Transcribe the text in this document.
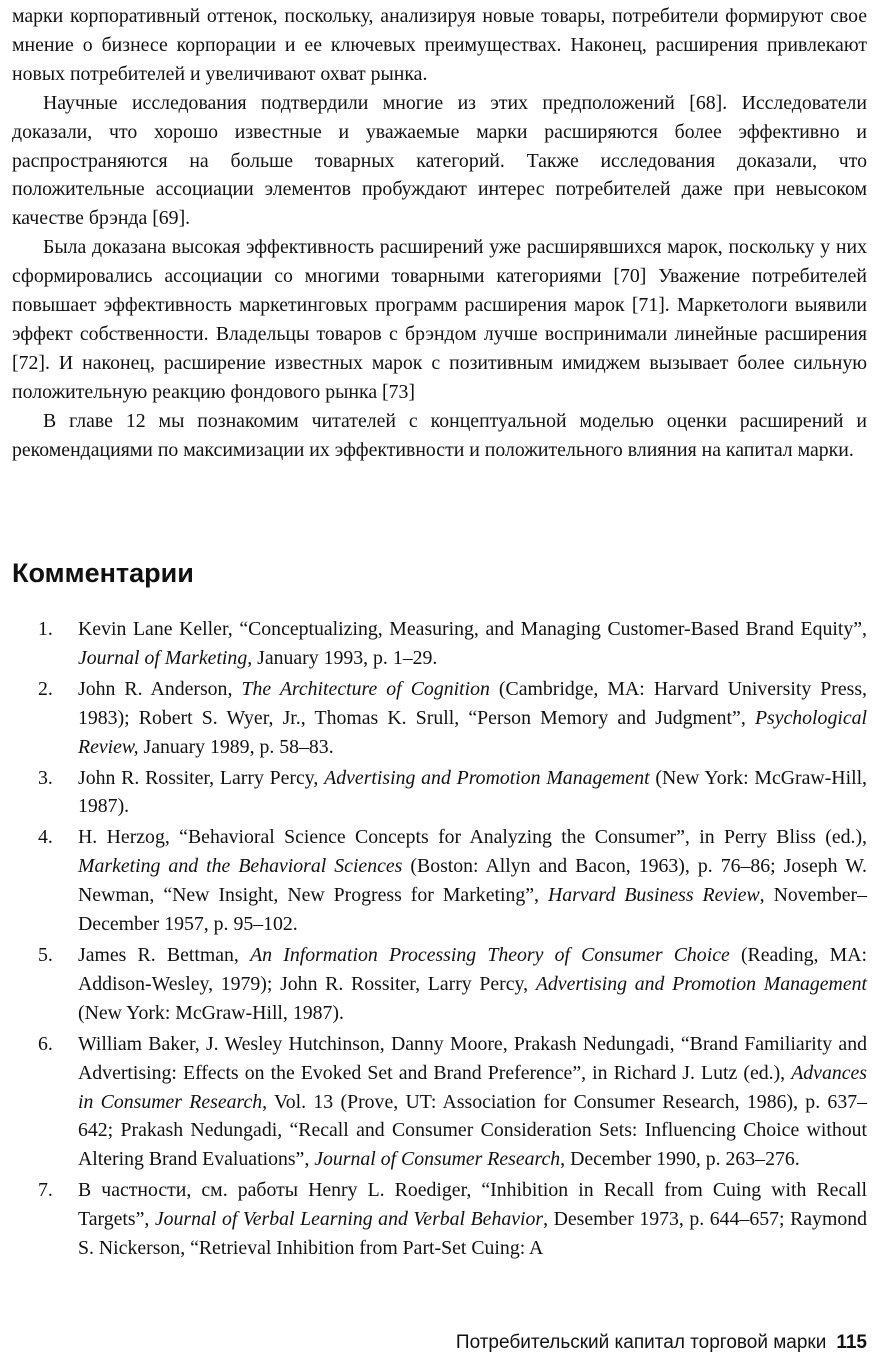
марки корпоративный оттенок, поскольку, анализируя новые товары, потребители формируют свое мнение о бизнесе корпорации и ее ключевых преимуществах. Наконец, расширения привлекают новых потребителей и увеличивают охват рынка.

Научные исследования подтвердили многие из этих предположений [68]. Исследователи доказали, что хорошо известные и уважаемые марки расширяются более эффективно и распространяются на больше товарных категорий. Также исследования доказали, что положительные ассоциации элементов пробуждают интерес потребителей даже при невысоком качестве брэнда [69].

Была доказана высокая эффективность расширений уже расширявшихся марок, поскольку у них сформировались ассоциации со многими товарными категориями [70] Уважение потребителей повышает эффективность маркетинговых программ расширения марок [71]. Маркетологи выявили эффект собственности. Владельцы товаров с брэндом лучше воспринимали линейные расширения [72]. И наконец, расширение известных марок с позитивным имиджем вызывает более сильную положительную реакцию фондового рынка [73]

В главе 12 мы познакомим читателей с концептуальной моделью оценки расширений и рекомендациями по максимизации их эффективности и положительного влияния на капитал марки.

Комментарии
1. Kevin Lane Keller, “Conceptualizing, Measuring, and Managing Customer-Based Brand Equity”, Journal of Marketing, January 1993, p. 1–29.
2. John R. Anderson, The Architecture of Cognition (Cambridge, MA: Harvard University Press, 1983); Robert S. Wyer, Jr., Thomas K. Srull, “Person Memory and Judgment”, Psychological Review, January 1989, p. 58–83.
3. John R. Rossiter, Larry Percy, Advertising and Promotion Management (New York: McGraw-Hill, 1987).
4. H. Herzog, “Behavioral Science Concepts for Analyzing the Consumer”, in Perry Bliss (ed.), Marketing and the Behavioral Sciences (Boston: Allyn and Bacon, 1963), p. 76–86; Joseph W. Newman, “New Insight, New Progress for Marketing”, Harvard Business Review, November–December 1957, p. 95–102.
5. James R. Bettman, An Information Processing Theory of Consumer Choice (Reading, MA: Addison-Wesley, 1979); John R. Rossiter, Larry Percy, Advertising and Promotion Management (New York: McGraw-Hill, 1987).
6. William Baker, J. Wesley Hutchinson, Danny Moore, Prakash Nedungadi, “Brand Familiarity and Advertising: Effects on the Evoked Set and Brand Preference”, in Richard J. Lutz (ed.), Advances in Consumer Research, Vol. 13 (Prove, UT: Association for Consumer Research, 1986), p. 637–642; Prakash Nedungadi, “Recall and Consumer Consideration Sets: Influencing Choice without Altering Brand Evaluations”, Journal of Consumer Research, December 1990, p. 263–276.
7. В частности, см. работы Henry L. Roediger, “Inhibition in Recall from Cuing with Recall Targets”, Journal of Verbal Learning and Verbal Behavior, Desember 1973, p. 644–657; Raymond S. Nickerson, “Retrieval Inhibition from Part-Set Cuing: A
Потребительский капитал торговой марки 115
